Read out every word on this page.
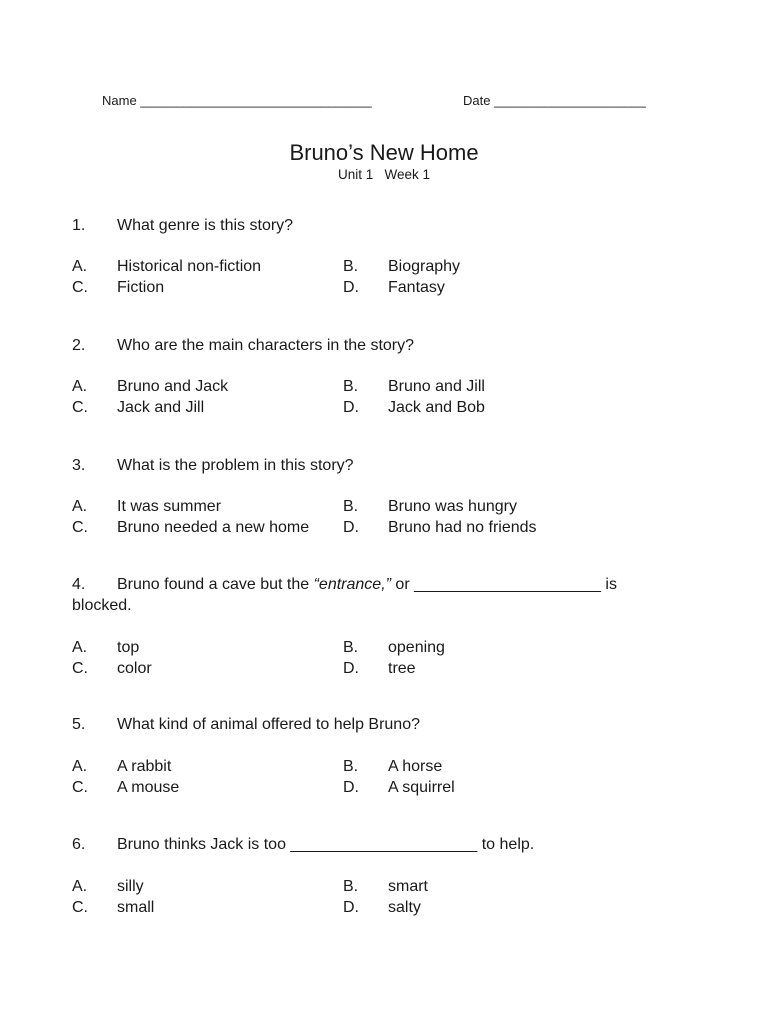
Name ________________________________	Date _____________________
Bruno’s New Home
Unit 1   Week 1
1. What genre is this story?
A. Historical non-fiction	B. Biography
C. Fiction	D. Fantasy
2. Who are the main characters in the story?
A. Bruno and Jack	B. Bruno and Jill
C. Jack and Jill	D. Jack and Bob
3. What is the problem in this story?
A. It was summer	B. Bruno was hungry
C. Bruno needed a new home D. Bruno had no friends
4. Bruno found a cave but the “entrance,” or _____________________ is
blocked.
A. top	B. opening
C. color	D. tree
5. What kind of animal offered to help Bruno?
A. A rabbit	B. A horse
C. A mouse	D. A squirrel
6. Bruno thinks Jack is too _____________________ to help.
A. silly	B. smart
C. small	D. salty
